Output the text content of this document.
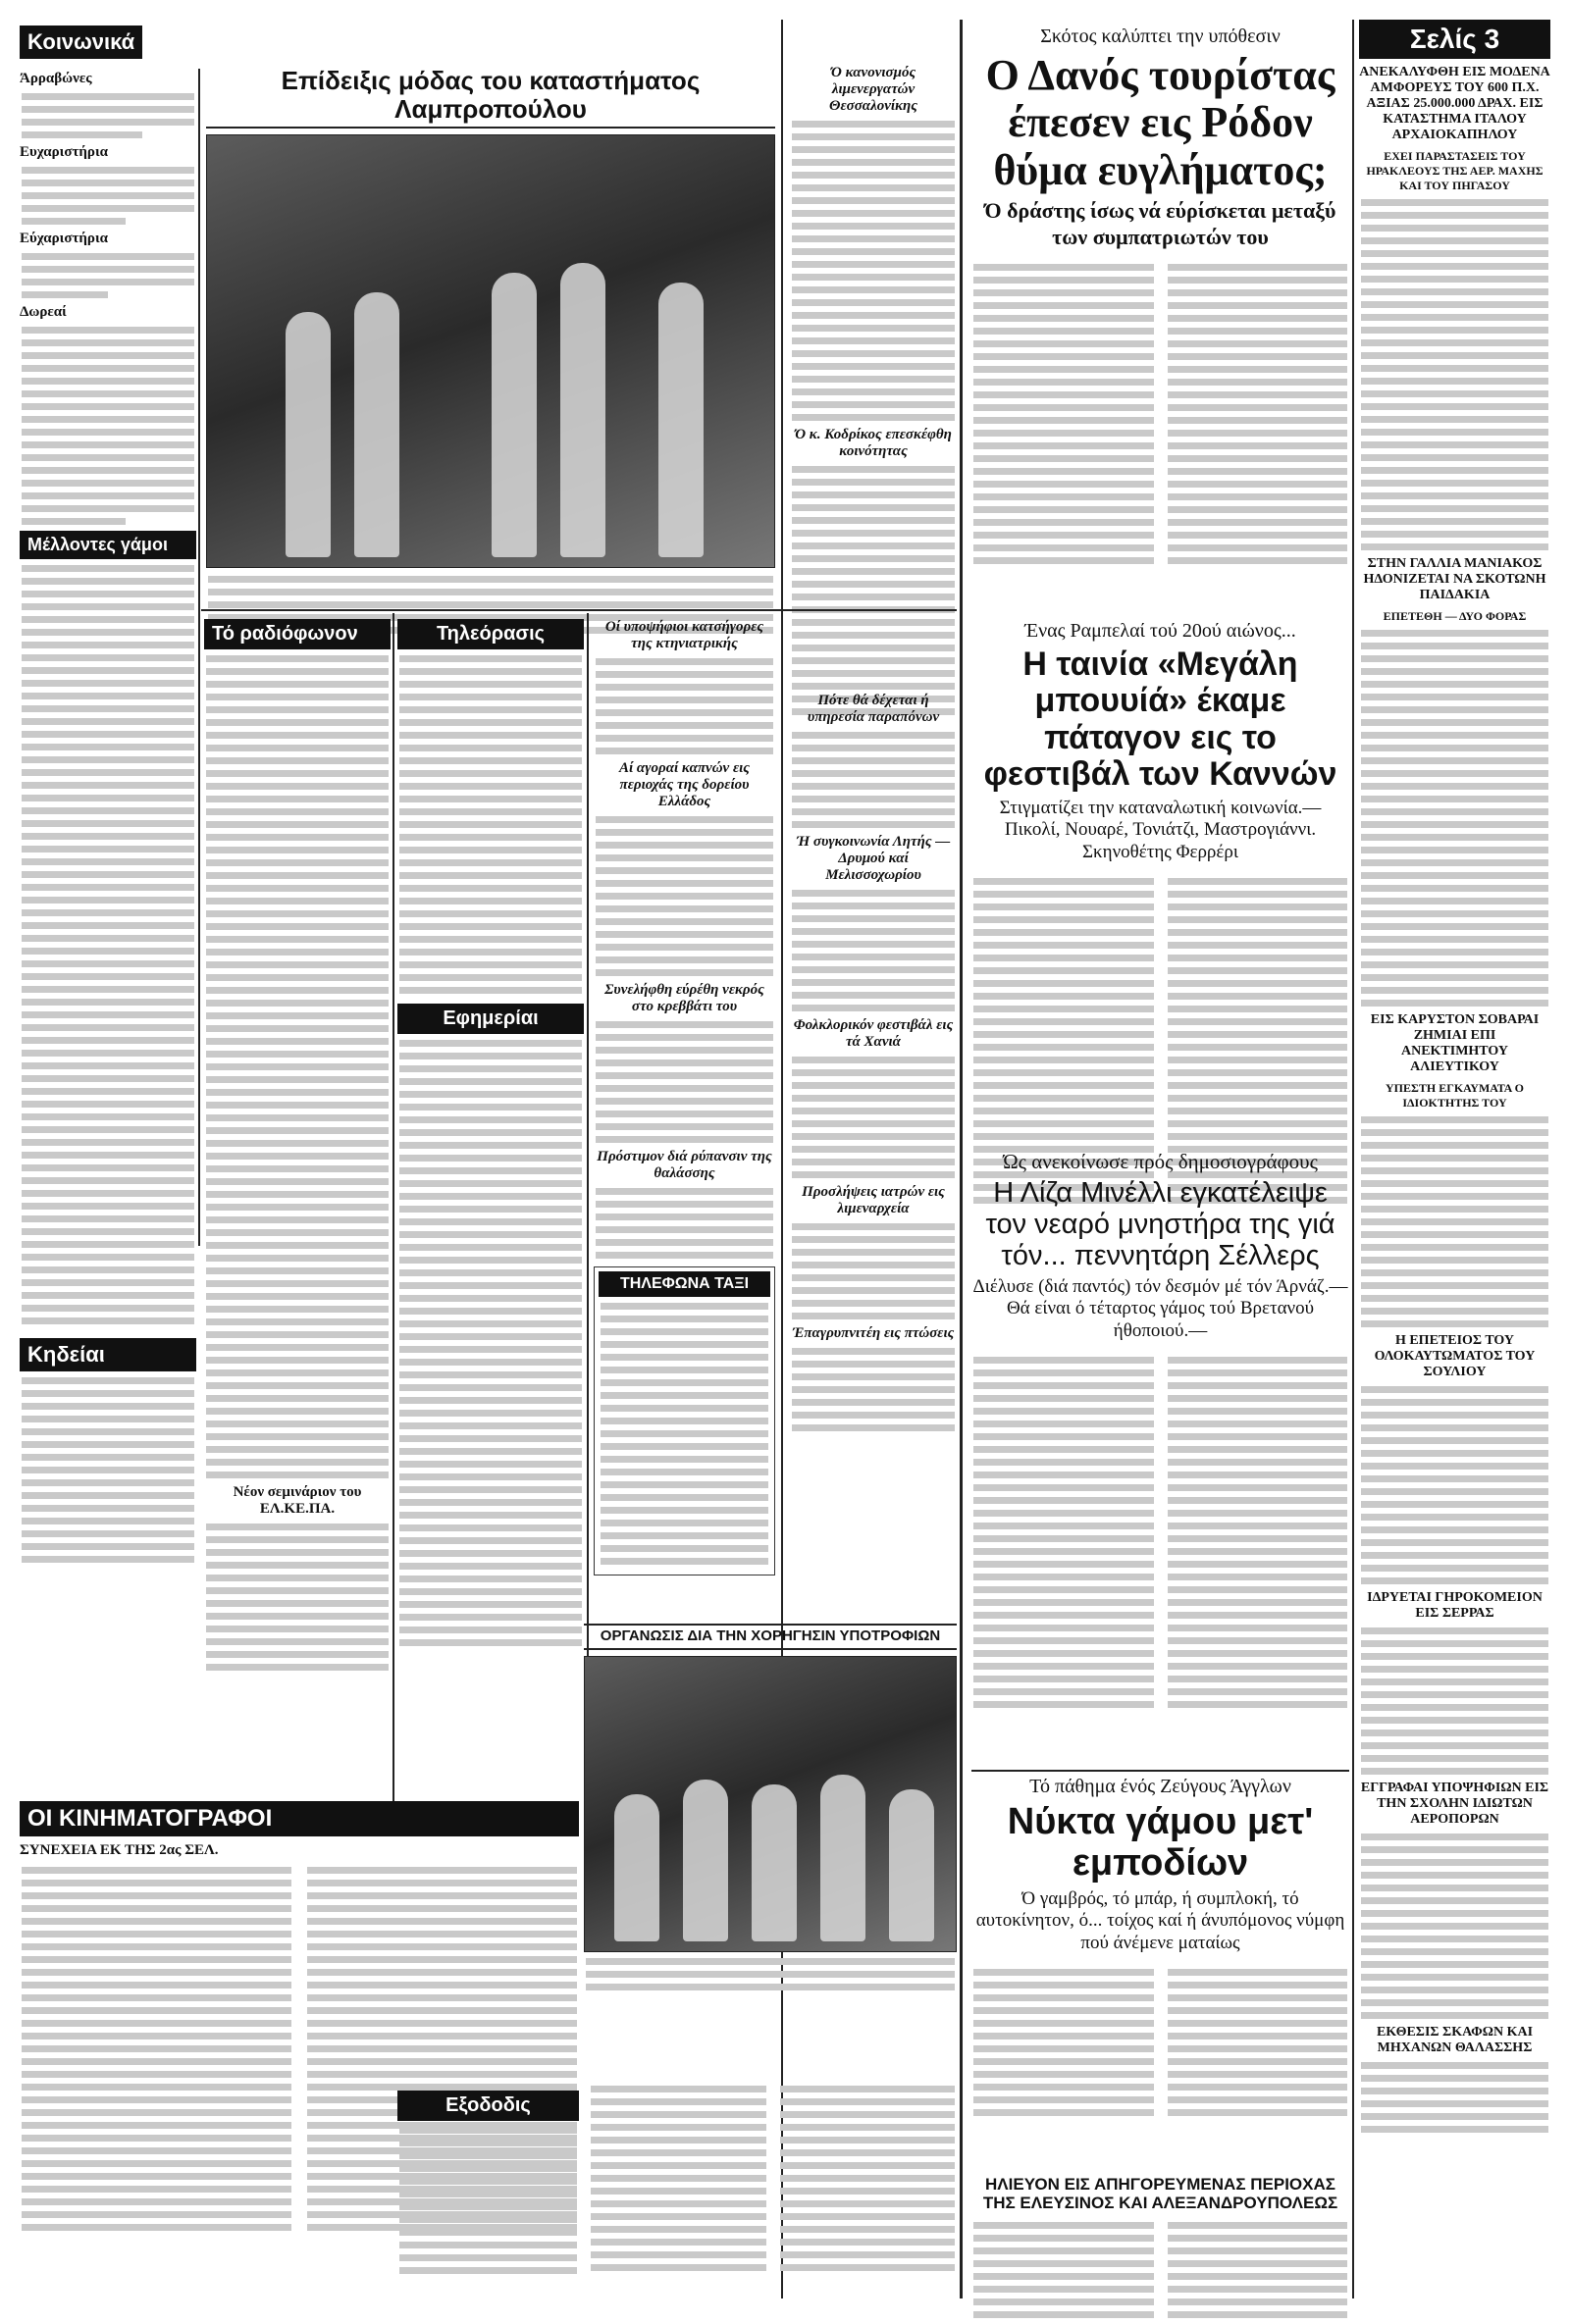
Κοινωνικά
Άρραβώνες
Ευχαριστήρια
Εύχαριστήρια
Δωρεαί
Μέλλοντες γάμοι
Κηδείαι
Επίδειξις μόδας του καταστήματος Λαμπροπούλου
Ό κανονισμός λιμενεργατών Θεσσαλονίκης
Ό κ. Κοδρίκος επεσκέφθη κοινότητας
Τό ραδιόφωνον
Νέον σεμινάριον του ΕΛ.ΚΕ.ΠΑ.
Τηλεόρασις
Εφημερίαι
Οί υποψήφιοι κατσήγορες της κτηνιατρικής
Αί αγοραί καπνών εις περιοχάς της δορείου Ελλάδος
Συνελήφθη εύρέθη νεκρός στο κρεββάτι του
Πρόστιμον διά ρύπανσιν της θαλάσσης
ΤΗΛΕΦΩΝΑ ΤΑΞΙ
Πότε θά δέχεται ή υπηρεσία παραπόνων
Ή συγκοινωνία Λητής — Δρυμού καί Μελισσοχωρίου
Φολκλορικόν φεστιβάλ εις τά Χανιά
Προσλήψεις ιατρών εις λιμεναρχεία
Έπαγρυπνιτέη εις πτώσεις
ΟΡΓΑΝΩΣΙΣ ΔΙΑ ΤΗΝ ΧΟΡΗΓΗΣΙΝ ΥΠΟΤΡΟΦΙΩΝ
ΟΙ ΚΙΝΗΜΑΤΟΓΡΑΦΟΙ
ΣΥΝΕΧΕΙΑ ΕΚ ΤΗΣ 2ας ΣΕΛ.
Εξοδοδις
Σκότος καλύπτει την υπόθεσιν
Ο Δανός τουρίστας έπεσεν εις Ρόδον θύμα ευγλήματος;
Ό δράστης ίσως νά εύρίσκεται μεταξύ των συμπατριωτών του
Ένας Ραμπελαί τού 20ού αιώνος...
Η ταινία «Μεγάλη μπουυίά» έκαμε πάταγον εις το φεστιβάλ των Καννών
Στιγματίζει την καταναλωτική κοινωνία.— Πικολί, Νουαρέ, Τονιάτζι, Μαστρογιάννι. Σκηνοθέτης Φερρέρι
Ώς ανεκοίνωσε πρός δημοσιογράφους
Η Λίζα Μινέλλι εγκατέλειψε τον νεαρό μνηστήρα της γιά τόν... πεννητάρη Σέλλερς
Διέλυσε (διά παντός) τόν δεσμόν μέ τόν Άρνάζ.— Θά είναι ό τέταρτος γάμος τού Βρετανού ήθοποιού.—
Τό πάθημα ένός Ζεύγους Άγγλων
Νύκτα γάμου μετ' εμποδίων
Ό γαμβρός, τό μπάρ, ή συμπλοκή, τό αυτοκίνητον, ό... τοίχος καί ή άνυπόμονος νύμφη πού άνέμενε ματαίως
ΗΛΙΕΥΟΝ ΕΙΣ ΑΠΗΓΟΡΕΥΜΕΝΑΣ ΠΕΡΙΟΧΑΣ ΤΗΣ ΕΛΕΥΣΙΝΟΣ ΚΑΙ ΑΛΕΞΑΝΔΡΟΥΠΟΛΕΩΣ
Σελίς 3
ΑΝΕΚΑΛΥΦΘΗ ΕΙΣ ΜΟΔΕΝΑ ΑΜΦΟΡΕΥΣ ΤΟΥ 600 Π.Χ. ΑΞΙΑΣ 25.000.000 ΔΡΑΧ. ΕΙΣ ΚΑΤΑΣΤΗΜΑ ΙΤΑΛΟΥ ΑΡΧΑΙΟΚΑΠΗΛΟΥ
ΕΧΕΙ ΠΑΡΑΣΤΑΣΕΙΣ ΤΟΥ ΗΡΑΚΛΕΟΥΣ ΤΗΣ ΑΕΡ. ΜΑΧΗΣ ΚΑΙ ΤΟΥ ΠΗΓΑΣΟΥ
ΣΤΗΝ ΓΑΛΛΙΑ ΜΑΝΙΑΚΟΣ ΗΔΟΝΙΖΕΤΑΙ ΝΑ ΣΚΟΤΩΝΗ ΠΑΙΔΑΚΙΑ
ΕΠΕΤΕΘΗ — ΔΥΟ ΦΟΡΑΣ
ΕΙΣ ΚΑΡΥΣΤΟΝ ΣΟΒΑΡΑΙ ΖΗΜΙΑΙ ΕΠΙ ΑΝΕΚΤΙΜΗΤΟΥ ΑΛΙΕΥΤΙΚΟΥ
ΥΠΕΣΤΗ ΕΓΚΑΥΜΑΤΑ Ο ΙΔΙΟΚΤΗΤΗΣ ΤΟΥ
Η ΕΠΕΤΕΙΟΣ ΤΟΥ ΟΛΟΚΑΥΤΩΜΑΤΟΣ ΤΟΥ ΣΟΥΛΙΟΥ
ΙΔΡΥΕΤΑΙ ΓΗΡΟΚΟΜΕΙΟΝ ΕΙΣ ΣΕΡΡΑΣ
ΕΓΓΡΑΦΑΙ ΥΠΟΨΗΦΙΩΝ ΕΙΣ ΤΗΝ ΣΧΟΛΗΝ ΙΔΙΩΤΩΝ ΑΕΡΟΠΟΡΩΝ
ΕΚΘΕΣΙΣ ΣΚΑΦΩΝ ΚΑΙ ΜΗΧΑΝΩΝ ΘΑΛΑΣΣΗΣ
